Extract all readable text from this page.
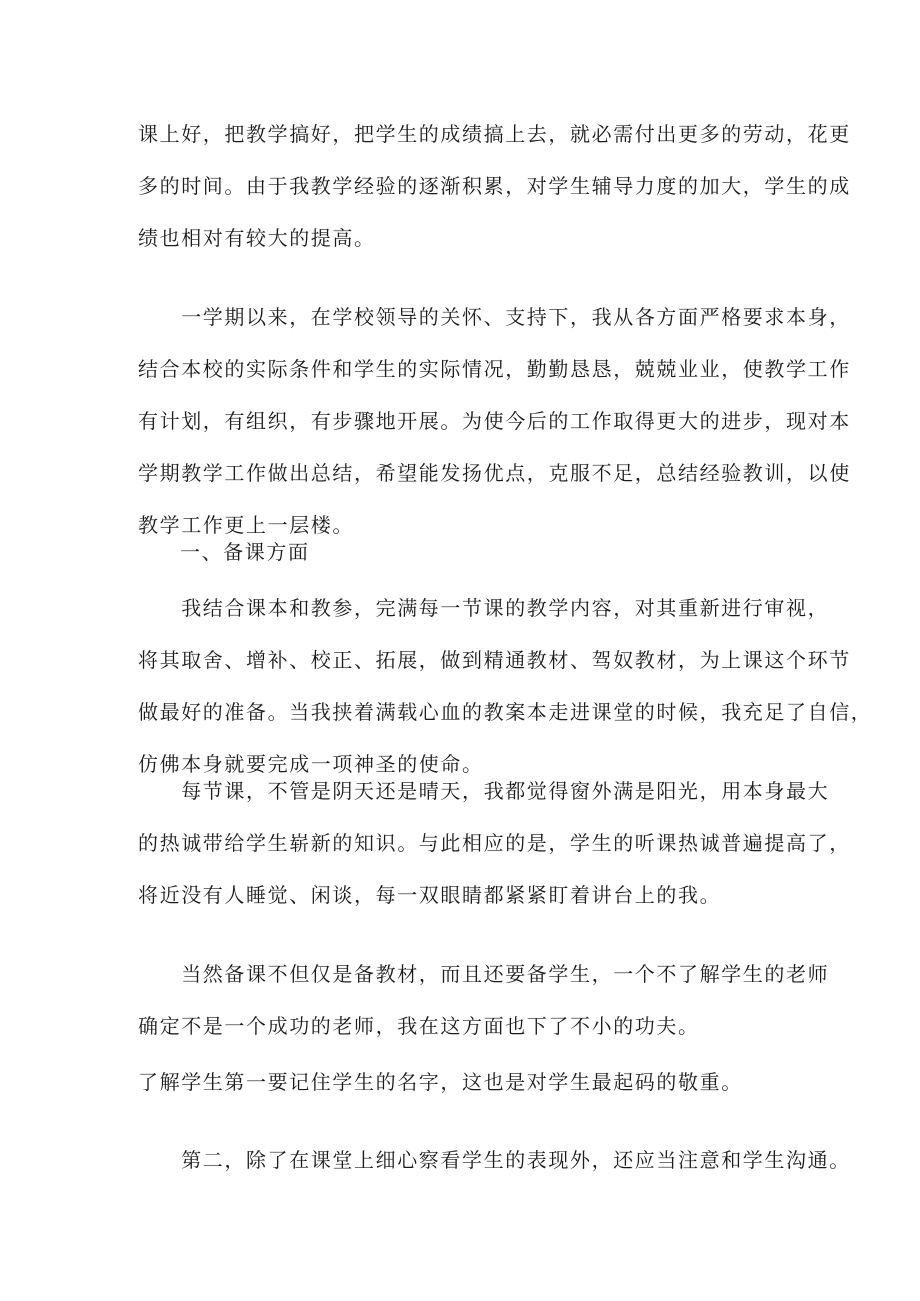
课上好，把教学搞好，把学生的成绩搞上去，就必需付出更多的劳动，花更
多的时间。由于我教学经验的逐渐积累，对学生辅导力度的加大，学生的成
绩也相对有较大的提高。

　　一学期以来，在学校领导的关怀、支持下，我从各方面严格要求本身，
结合本校的实际条件和学生的实际情况，勤勤恳恳，兢兢业业，使教学工作
有计划，有组织，有步骤地开展。为使今后的工作取得更大的进步，现对本
学期教学工作做出总结，希望能发扬优点，克服不足，总结经验教训，以使
教学工作更上一层楼。

一、备课方面

　　我结合课本和教参，完满每一节课的教学内容，对其重新进行审视，
将其取舍、增补、校正、拓展，做到精通教材、驾奴教材，为上课这个环节
做最好的准备。当我挟着满载心血的教案本走进课堂的时候，我充足了自信，
仿佛本身就要完成一项神圣的使命。

　　每节课，不管是阴天还是晴天，我都觉得窗外满是阳光，用本身最大
的热诚带给学生崭新的知识。与此相应的是，学生的听课热诚普遍提高了，
将近没有人睡觉、闲谈，每一双眼睛都紧紧盯着讲台上的我。

　　当然备课不但仅是备教材，而且还要备学生，一个不了解学生的老师
确定不是一个成功的老师，我在这方面也下了不小的功夫。

了解学生第一要记住学生的名字，这也是对学生最起码的敬重。

　　第二，除了在课堂上细心察看学生的表现外，还应当注意和学生沟通。
